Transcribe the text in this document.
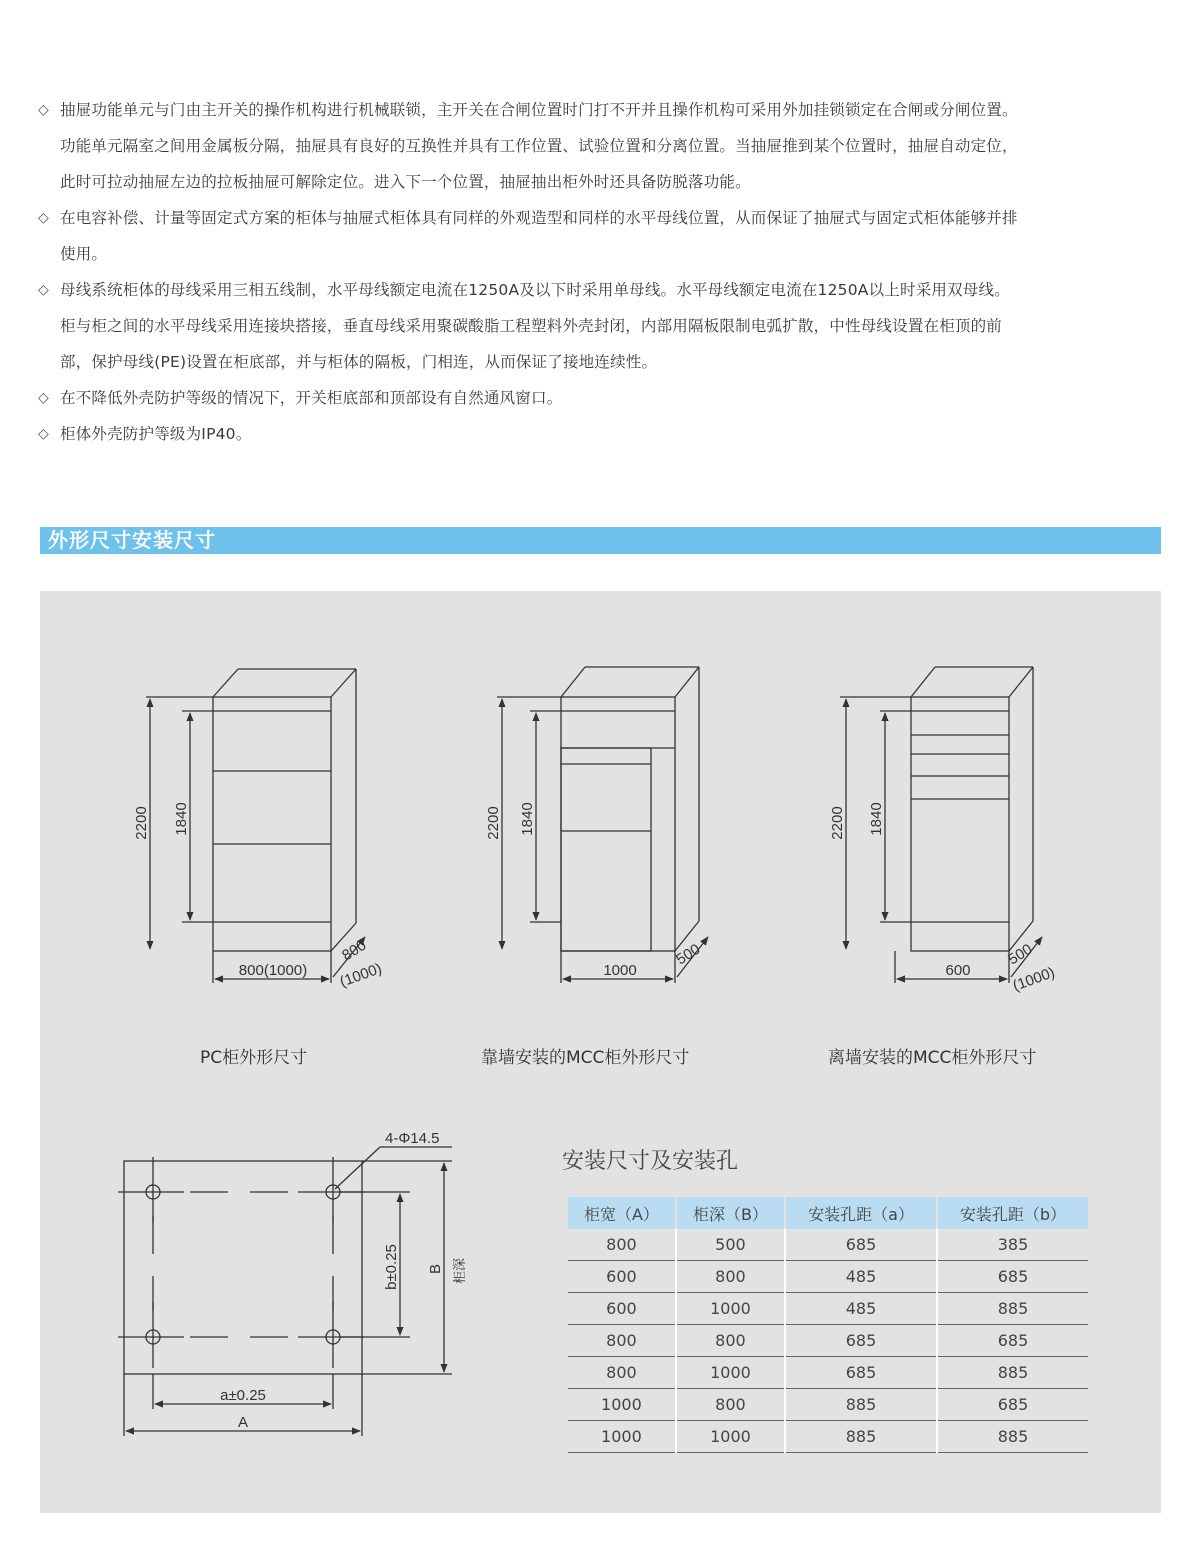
◇ 抽屉功能单元与门由主开关的操作机构进行机械联锁，主开关在合闸位置时门打不开并且操作机构可采用外加挂锁锁定在合闸或分闸位置。
功能单元隔室之间用金属板分隔，抽屉具有良好的互换性并具有工作位置、试验位置和分离位置。当抽屉推到某个位置时，抽屉自动定位，
此时可拉动抽屉左边的拉板抽屉可解除定位。进入下一个位置，抽屉抽出柜外时还具备防脱落功能。
◇ 在电容补偿、计量等固定式方案的柜体与抽屉式柜体具有同样的外观造型和同样的水平母线位置，从而保证了抽屉式与固定式柜体能够并排
使用。
◇ 母线系统柜体的母线采用三相五线制，水平母线额定电流在1250A及以下时采用单母线。水平母线额定电流在1250A以上时采用双母线。
柜与柜之间的水平母线采用连接块搭接，垂直母线采用聚碳酸脂工程塑料外壳封闭，内部用隔板限制电弧扩散，中性母线设置在柜顶的前
部，保护母线(PE)设置在柜底部，并与柜体的隔板，门相连，从而保证了接地连续性。
◇ 在不降低外壳防护等级的情况下，开关柜底部和顶部设有自然通风窗口。
◇ 柜体外壳防护等级为IP40。
外形尺寸安装尺寸
2200 1840
800(1000)
800
(1000)
2200 1840
1000
500
2200 1840
600
500
(1000)
4-Φ14.5
b±0.25 B 柜深
a±0.25
A
PC柜外形尺寸	靠墙安装的MCC柜外形尺寸	离墙安装的MCC柜外形尺寸
安装尺寸及安装孔
柜宽（A）	柜深（B）	安装孔距（a）	安装孔距（b）
800	500	685	385
600	800	485	685
600	1000	485	885
800	800	685	685
800	1000	685	885
1000	800	885	685
1000	1000	885	885
